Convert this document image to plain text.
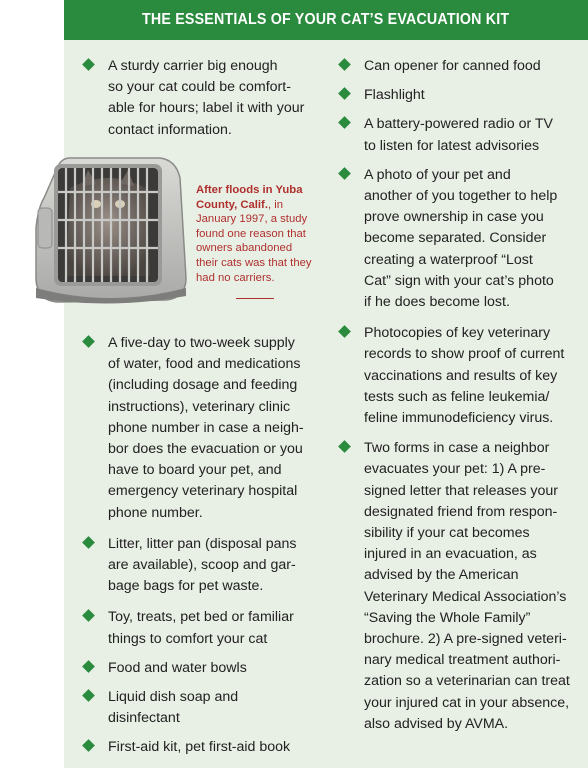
THE ESSENTIALS OF YOUR CAT’S EVACUATION KIT
A sturdy carrier big enough
so your cat could be comfort-
able for hours; label it with your
contact information.
After floods in Yuba
County, Calif., in
January 1997, a study
found one reason that
owners abandoned
their cats was that they
had no carriers.
A five-day to two-week supply
of water, food and medications
(including dosage and feeding
instructions), veterinary clinic
phone number in case a neigh-
bor does the evacuation or you
have to board your pet, and
emergency veterinary hospital
phone number.
Litter, litter pan (disposal pans
are available), scoop and gar-
bage bags for pet waste.
Toy, treats, pet bed or familiar
things to comfort your cat
Food and water bowls
Liquid dish soap and
disinfectant
First-aid kit, pet first-aid book
Can opener for canned food
Flashlight
A battery-powered radio or TV
to listen for latest advisories
A photo of your pet and
another of you together to help
prove ownership in case you
become separated. Consider
creating a waterproof “Lost
Cat” sign with your cat’s photo
if he does become lost.
Photocopies of key veterinary
records to show proof of current
vaccinations and results of key
tests such as feline leukemia/
feline immunodeficiency virus.
Two forms in case a neighbor
evacuates your pet: 1) A pre-
signed letter that releases your
designated friend from respon-
sibility if your cat becomes
injured in an evacuation, as
advised by the American
Veterinary Medical Association’s
“Saving the Whole Family”
brochure. 2) A pre-signed veteri-
nary medical treatment authori-
zation so a veterinarian can treat
your injured cat in your absence,
also advised by AVMA.
